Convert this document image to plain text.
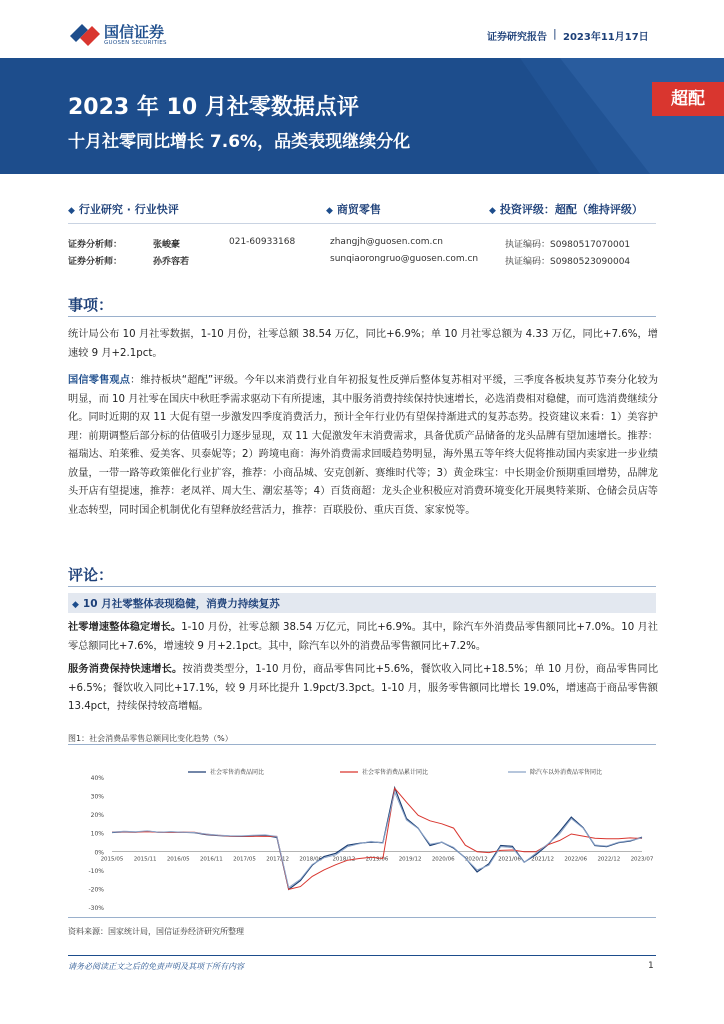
国信证券
GUOSEN SECURITIES	证券研究报告 | 2023年11月17日
2023 年 10 月社零数据点评
十月社零同比增长 7.6%，品类表现继续分化
超配
◆ 行业研究 · 行业快评	◆ 商贸零售	◆ 投资评级：超配（维持评级）
证券分析师：	张峻豪	021-60933168	zhangjh@guosen.com.cn	执证编码：S0980517070001
证券分析师：	孙乔容若	sunqiaorongruo@guosen.com.cn	执证编码：S0980523090004
事项：
统计局公布 10 月社零数据，1-10 月份，社零总额 38.54 万亿，同比+6.9%；单 10 月社零总额为 4.33 万亿，同比+7.6%，增速较 9 月+2.1pct。
国信零售观点：维持板块“超配”评级。今年以来消费行业自年初报复性反弹后整体复苏相对平缓，三季度各板块复苏节奏分化较为明显，而 10 月社零在国庆中秋旺季需求驱动下有所提速，其中服务消费持续保持快速增长，必选消费相对稳健，而可选消费继续分化。同时近期的双 11 大促有望一步激发四季度消费活力，预计全年行业仍有望保持渐进式的复苏态势。投资建议来看：1）美容护理：前期调整后部分标的估值吸引力逐步显现，双 11 大促激发年末消费需求，具备优质产品储备的龙头品牌有望加速增长。推荐：福瑞达、珀莱雅、爱美客、贝泰妮等；2）跨境电商：海外消费需求回暖趋势明显，海外黑五等年终大促将推动国内卖家进一步业绩放量，一带一路等政策催化行业扩容，推荐：小商品城、安克创新、赛维时代等；3）黄金珠宝：中长期金价预期重回增势，品牌龙头开店有望提速，推荐：老凤祥、周大生、潮宏基等；4）百货商超：龙头企业积极应对消费环境变化开展奥特莱斯、仓储会员店等业态转型，同时国企机制优化有望释放经营活力，推荐：百联股份、重庆百货、家家悦等。
评论：
◆ 10 月社零整体表现稳健，消费力持续复苏
社零增速整体稳定增长。1-10 月份，社零总额 38.54 万亿元，同比+6.9%。其中，除汽车外消费品零售额同比+7.0%。10 月社零总额同比+7.6%，增速较 9 月+2.1pct。其中，除汽车以外的消费品零售额同比+7.2%。
服务消费保持快速增长。按消费类型分，1-10 月份，商品零售同比+5.6%，餐饮收入同比+18.5%；单 10 月份，商品零售同比+6.5%；餐饮收入同比+17.1%，较 9 月环比提升 1.9pct/3.3pct。1-10 月，服务零售额同比增长 19.0%，增速高于商品零售额 13.4pct，持续保持较高增幅。
图1：社会消费品零售总额同比变化趋势（%）
40%
30%
20%
10%
0%
-10%
-20%
-30%
2015/05 2015/11 2016/05 2016/11 2017/05 2017/12 2018/06 2018/12 2019/06 2019/12 2020/06 2020/12 2021/06 2021/12 2022/06 2022/12 2023/07
社会零售消费品同比	社会零售消费品累计同比	除汽车以外消费品零售同比
资料来源：国家统计局，国信证券经济研究所整理
请务必阅读正文之后的免责声明及其项下所有内容	1
